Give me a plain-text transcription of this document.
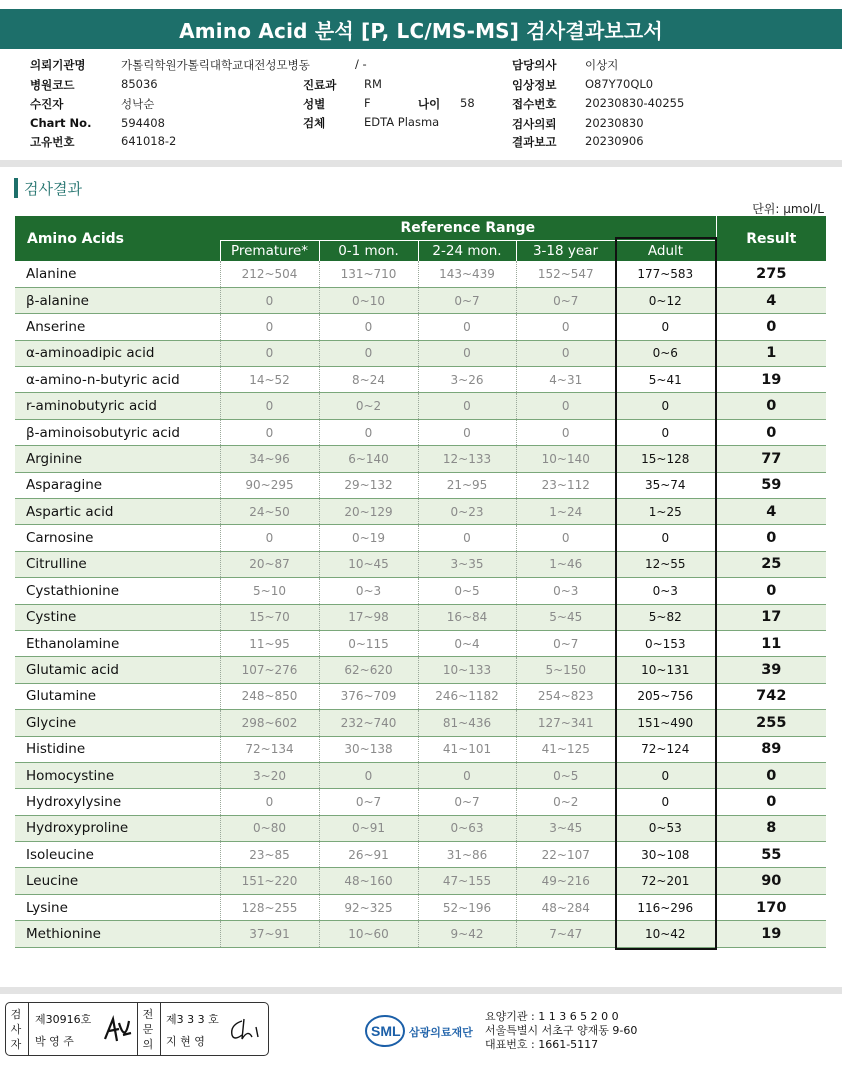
Amino Acid 분석 [P, LC/MS-MS] 검사결과보고서
의뢰기관명	가톨릭학원가톨릭대학교대전성모병동	/ -
병원코드	85036	진료과 RM
수진자	성낙순	성별	F	나이 58
Chart No.	594408	검체	EDTA Plasma
고유번호	641018-2
담당의사 이상지
임상정보 O87Y70QL0
접수번호 20230830-40255
검사의뢰 20230830
결과보고 20230906
검사결과
단위: μmol/L
Amino Acids	Reference Range					Result
	Premature*	0-1 mon.	2-24 mon.	3-18 year	Adult	
Alanine	212~504	131~710	143~439	152~547	177~583	275
β-alanine	0	0~10	0~7	0~7	0~12	4
Anserine	0	0	0	0	0	0
α-aminoadipic acid	0	0	0	0	0~6	1
α-amino-n-butyric acid	14~52	8~24	3~26	4~31	5~41	19
r-aminobutyric acid	0	0~2	0	0	0	0
β-aminoisobutyric acid	0	0	0	0	0	0
Arginine	34~96	6~140	12~133	10~140	15~128	77
Asparagine	90~295	29~132	21~95	23~112	35~74	59
Aspartic acid	24~50	20~129	0~23	1~24	1~25	4
Carnosine	0	0~19	0	0	0	0
Citrulline	20~87	10~45	3~35	1~46	12~55	25
Cystathionine	5~10	0~3	0~5	0~3	0~3	0
Cystine	15~70	17~98	16~84	5~45	5~82	17
Ethanolamine	11~95	0~115	0~4	0~7	0~153	11
Glutamic acid	107~276	62~620	10~133	5~150	10~131	39
Glutamine	248~850	376~709	246~1182	254~823	205~756	742
Glycine	298~602	232~740	81~436	127~341	151~490	255
Histidine	72~134	30~138	41~101	41~125	72~124	89
Homocystine	3~20	0	0	0~5	0	0
Hydroxylysine	0	0~7	0~7	0~2	0	0
Hydroxyproline	0~80	0~91	0~63	3~45	0~53	8
Isoleucine	23~85	26~91	31~86	22~107	30~108	55
Leucine	151~220	48~160	47~155	49~216	72~201	90
Lysine	128~255	92~325	52~196	48~284	116~296	170
Methionine	37~91	10~60	9~42	7~47	10~42	19
검
사
자
제30916호
박 영 주
전
문
의
제3 3 3 호
지 현 영
SML 삼광의료재단
요양기관 : 1 1 3 6 5 2 0 0
서울특별시 서초구 양재동 9-60
대표번호 : 1661-5117
